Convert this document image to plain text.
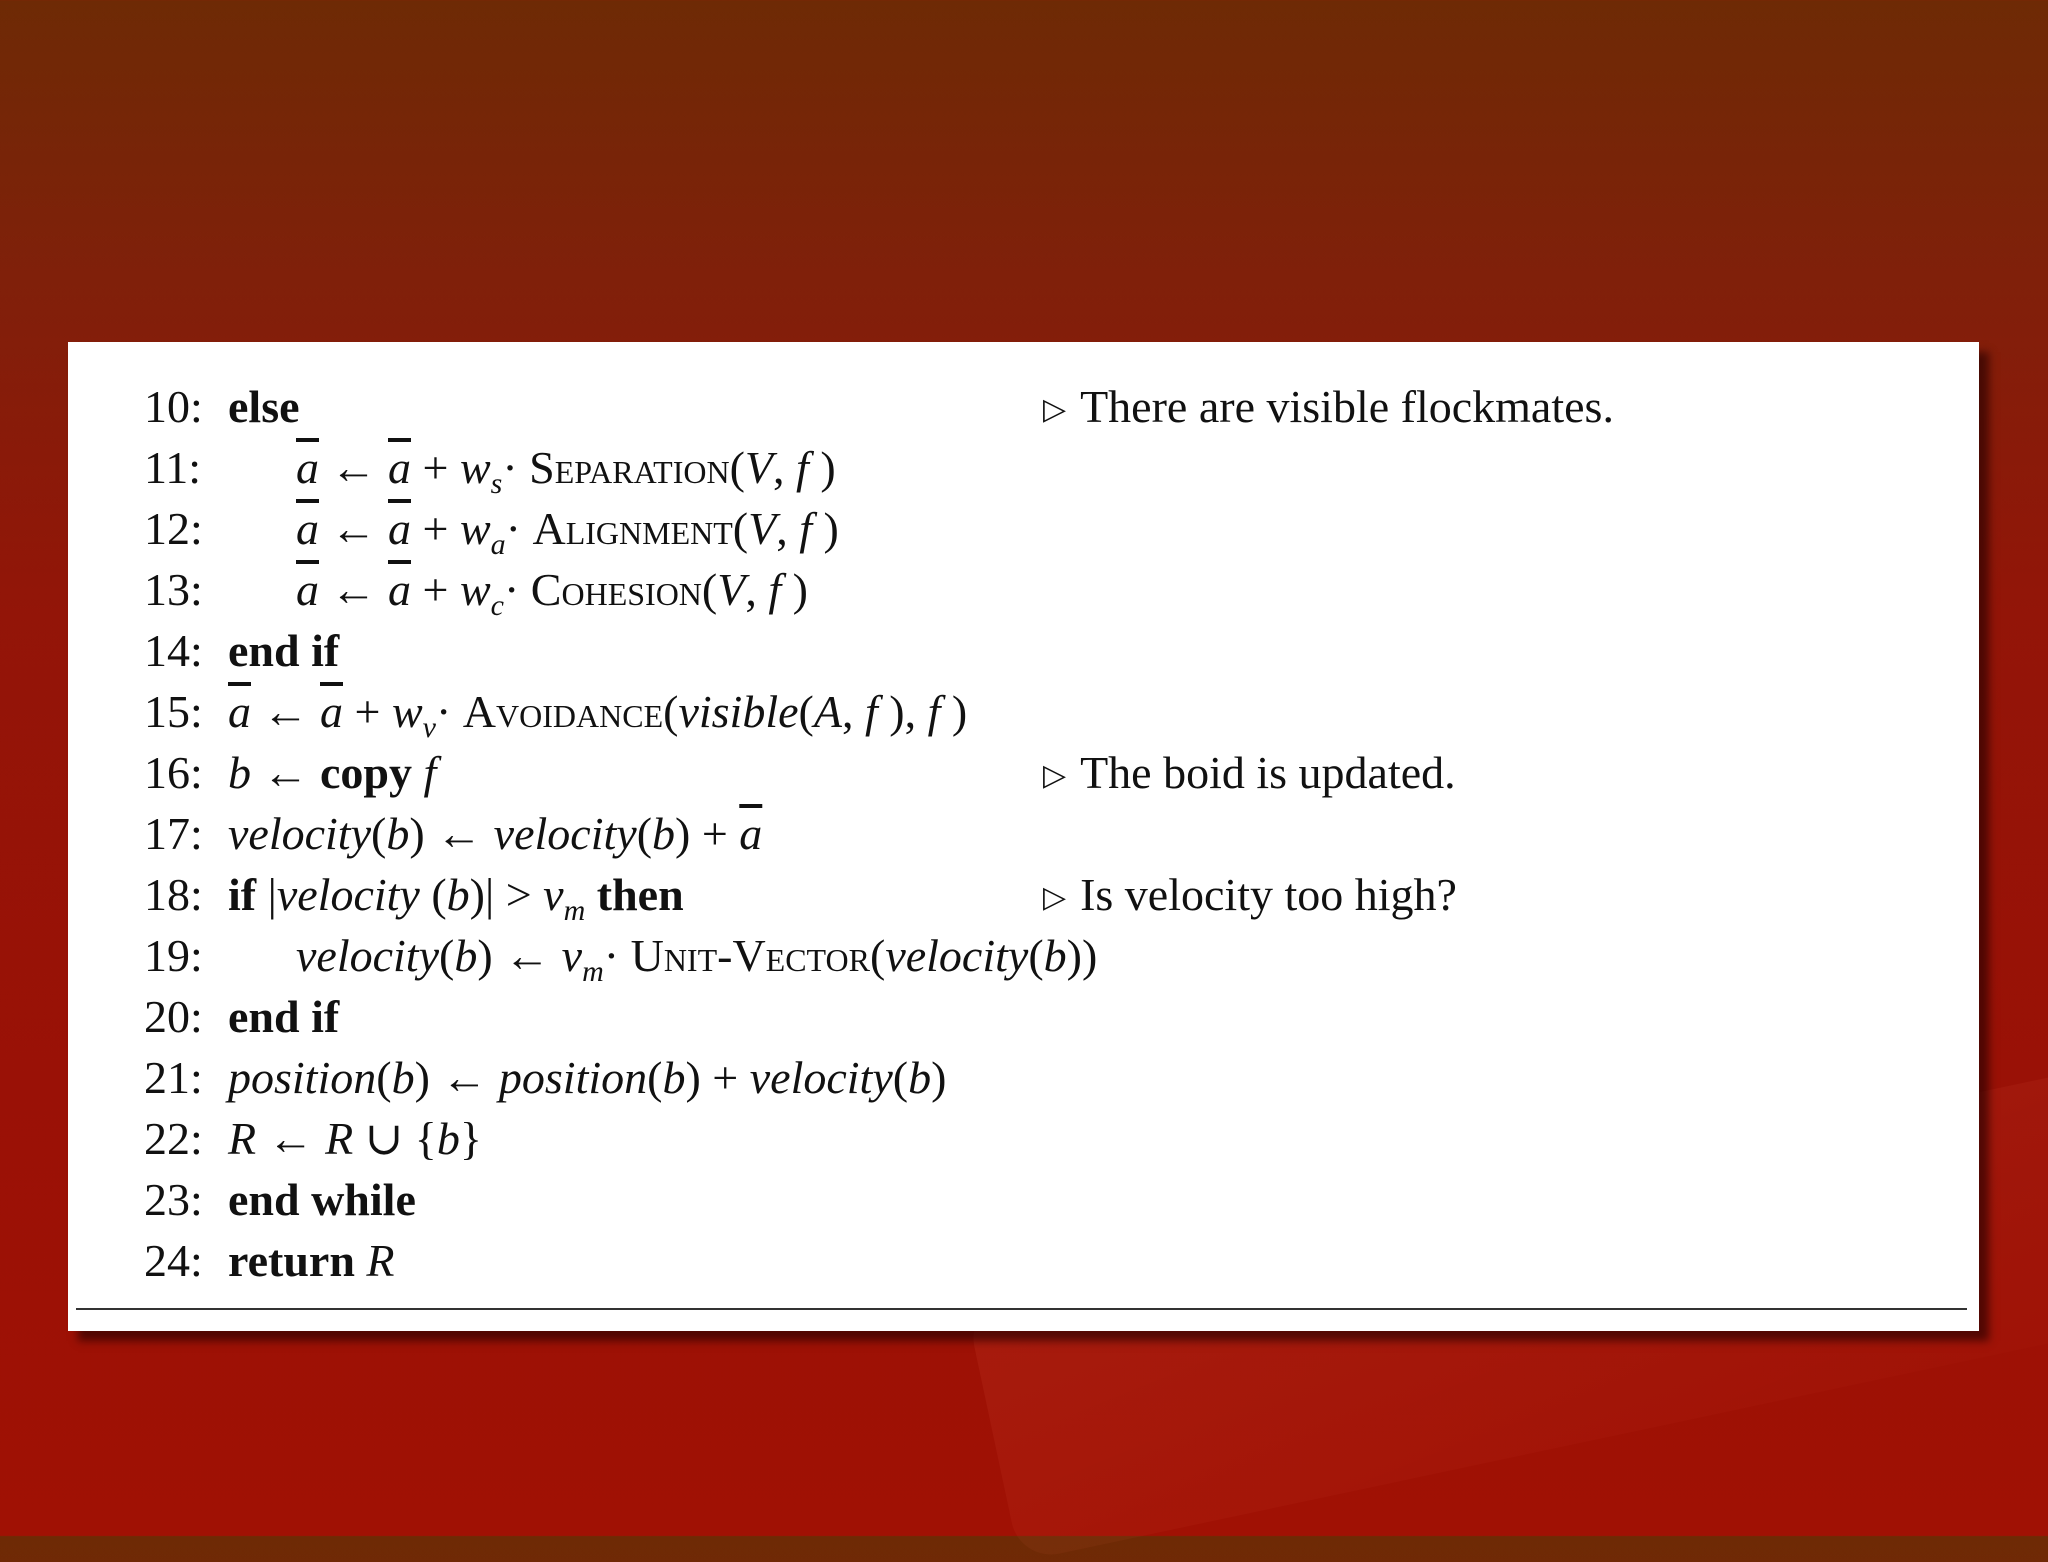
10: else	▷ There are visible flockmates.
11: $\overline{a}$ ← $\overline{a} + w_s\cdot$ Separation(V, f )
12: $\overline{a}$ ← $\overline{a} + w_a\cdot$ Alignment(V, f )
13: $\overline{a}$ ← $\overline{a} + w_c\cdot$ Cohesion(V, f )
14: end if
15: $\overline{a}$ ← $\overline{a} + w_v\cdot$ Avoidance(visible(A, f ), f )
16: b ← copy f	▷ The boid is updated.
17: velocity(b) ← velocity(b) + $\overline{a}$
18: if |velocity $(b)| > v_m$ then	▷ Is velocity too high?
19: velocity(b) ← $v_m\cdot$ Unit-Vector(velocity(b))
20: end if
21: position(b) ← position(b) + velocity(b)
22: R ← R ∪ {b}
23: end while
24: return R
